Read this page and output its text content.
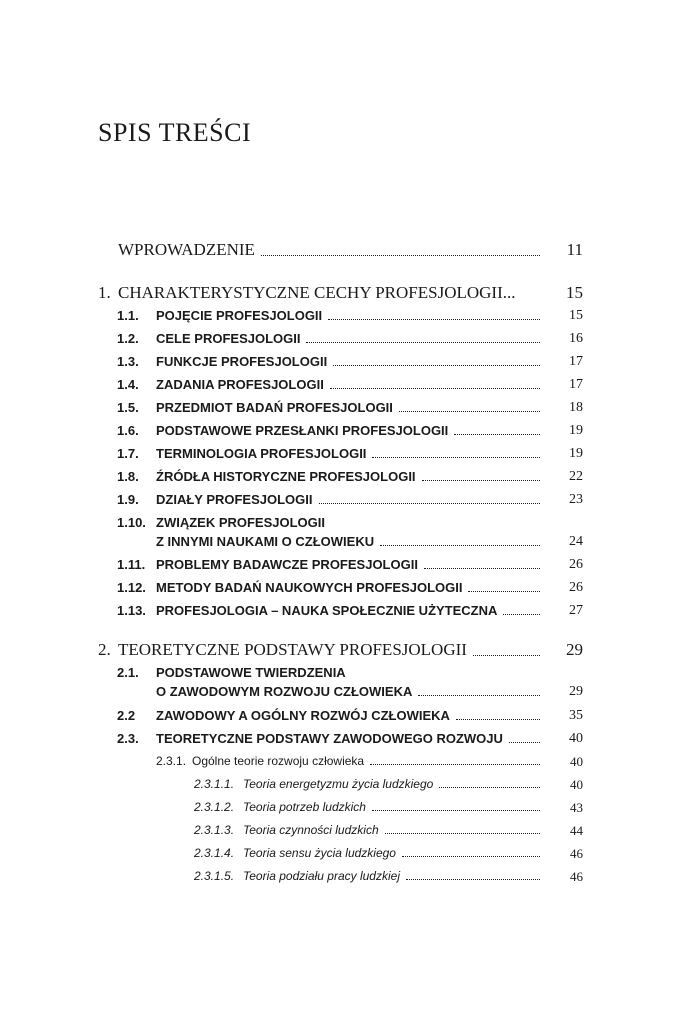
SPIS TREŚCI
WPROWADZENIE	11
1. CHARAKTERYSTYCZNE CECHY PROFESJOLOGII...	15
1.1.	POJĘCIE PROFESJOLOGII	15
1.2.	CELE PROFESJOLOGII	16
1.3.	FUNKCJE PROFESJOLOGII	17
1.4.	ZADANIA PROFESJOLOGII	17
1.5.	PRZEDMIOT BADAŃ PROFESJOLOGII	18
1.6.	PODSTAWOWE PRZESŁANKI PROFESJOLOGII	19
1.7.	TERMINOLOGIA PROFESJOLOGII	19
1.8.	ŹRÓDŁA HISTORYCZNE PROFESJOLOGII	22
1.9.	DZIAŁY PROFESJOLOGII	23
1.10. ZWIĄZEK PROFESJOLOGII
Z INNYMI NAUKAMI O CZŁOWIEKU	24
1.11. PROBLEMY BADAWCZE PROFESJOLOGII	26
1.12. METODY BADAŃ NAUKOWYCH PROFESJOLOGII	26
1.13. PROFESJOLOGIA – NAUKA SPOŁECZNIE UŻYTECZNA	27
2. TEORETYCZNE PODSTAWY PROFESJOLOGII	29
2.1.	PODSTAWOWE TWIERDZENIA
O ZAWODOWYM ROZWOJU CZŁOWIEKA	29
2.2	ZAWODOWY A OGÓLNY ROZWÓJ CZŁOWIEKA	35
2.3.	TEORETYCZNE PODSTAWY ZAWODOWEGO ROZWOJU	40
2.3.1. Ogólne teorie rozwoju człowieka	40
2.3.1.1. Teoria energetyzmu życia ludzkiego	40
2.3.1.2. Teoria potrzeb ludzkich	43
2.3.1.3. Teoria czynności ludzkich	44
2.3.1.4. Teoria sensu życia ludzkiego	46
2.3.1.5. Teoria podziału pracy ludzkiej	46
